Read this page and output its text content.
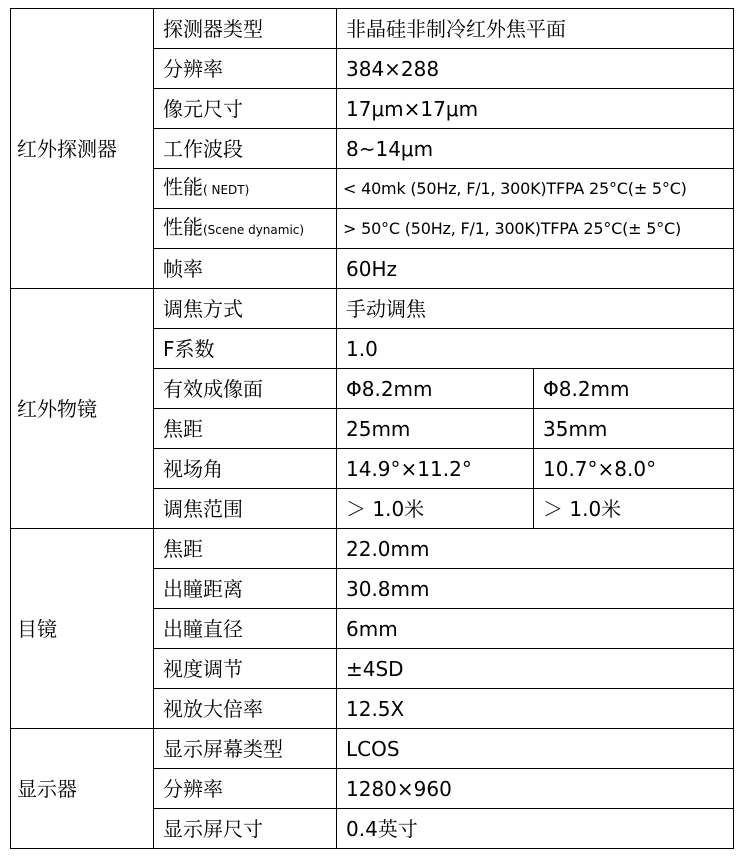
红外探测器	探测器类型	非晶硅非制冷红外焦平面	
	分辨率	384×288	
	像元尺寸	17μm×17μm	
	工作波段	8~14μm	
	性能( NEDT)	< 40mk (50Hz, F/1, 300K)TFPA 25°C(± 5°C)	
	性能(Scene dynamic)	> 50°C (50Hz, F/1, 300K)TFPA 25°C(± 5°C)	
	帧率	60Hz	
红外物镜	调焦方式	手动调焦	
	F系数	1.0	
	有效成像面	Φ8.2mm	Φ8.2mm
	焦距	25mm	35mm
	视场角	14.9°×11.2°	10.7°×8.0°
	调焦范围	＞ 1.0米	＞ 1.0米
目镜	焦距	22.0mm	
	出瞳距离	30.8mm	
	出瞳直径	6mm	
	视度调节	±4SD	
	视放大倍率	12.5X	
显示器	显示屏幕类型	LCOS	
	分辨率	1280×960	
	显示屏尺寸	0.4英寸	
